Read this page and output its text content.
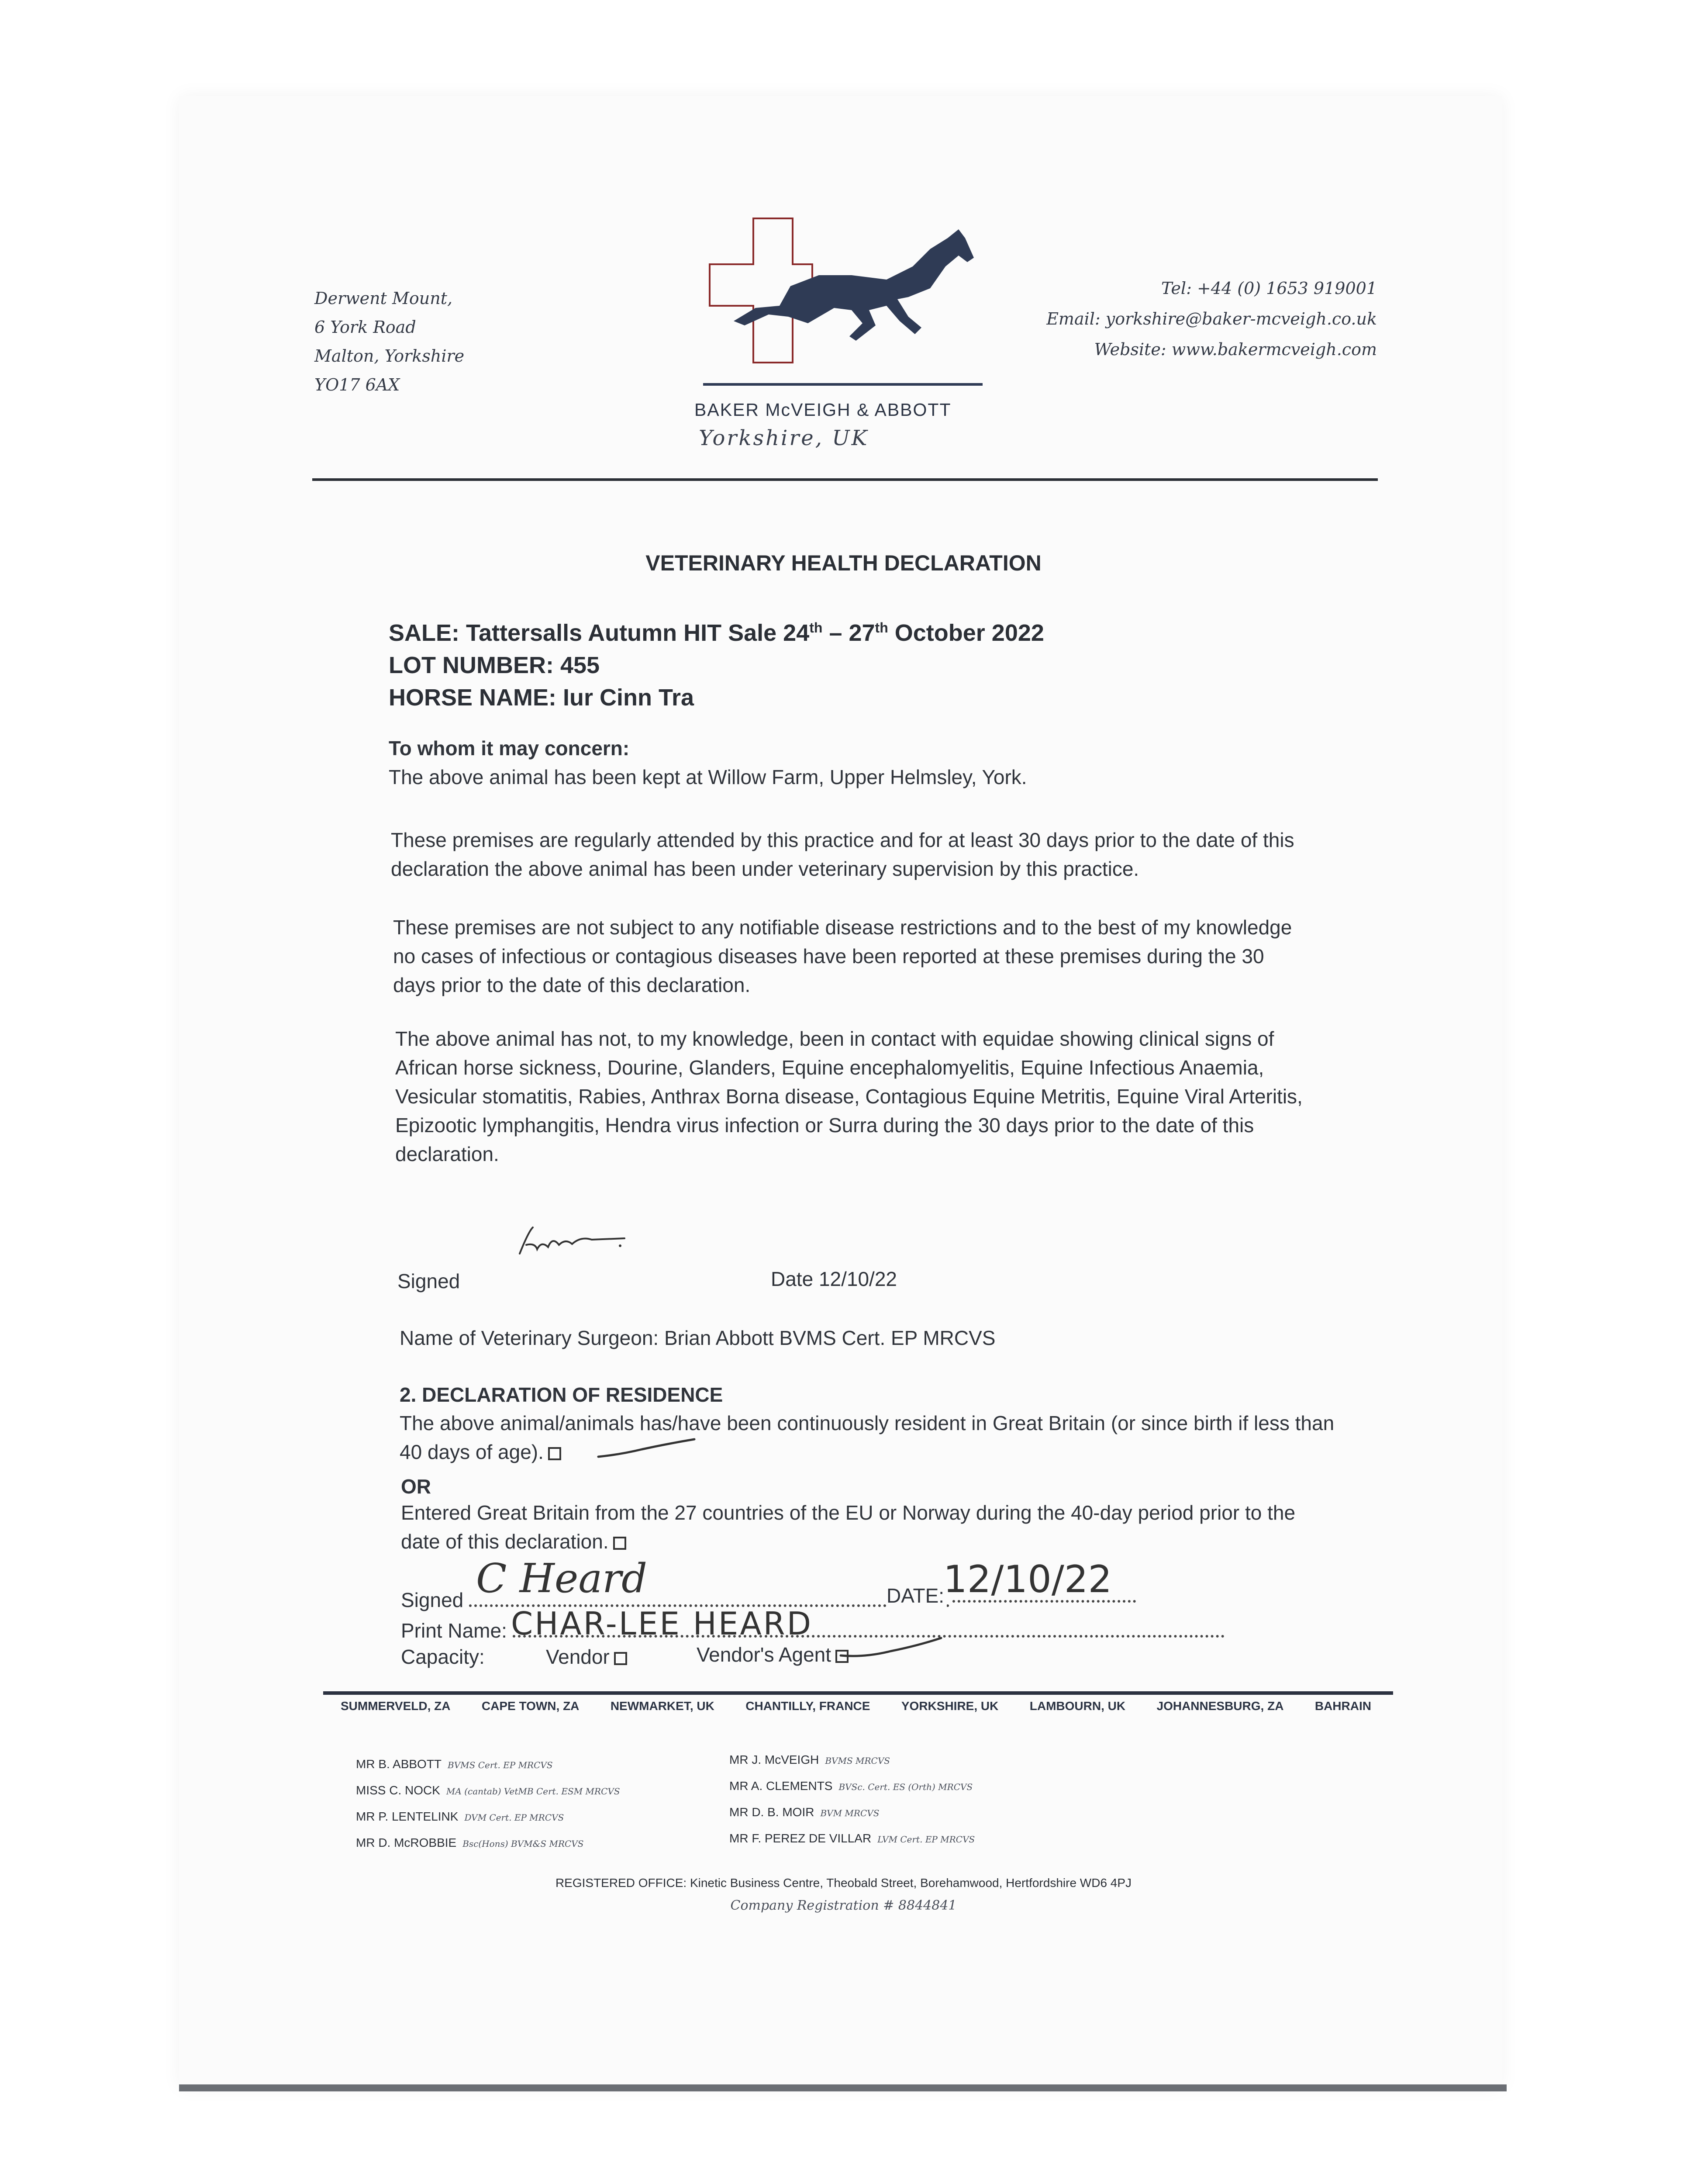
Derwent Mount,
6 York Road
Malton, Yorkshire
YO17 6AX
BAKER McVEIGH & ABBOTT
Yorkshire, UK
Tel: +44 (0) 1653 919001
Email: yorkshire@baker-mcveigh.co.uk
Website: www.bakermcveigh.com
VETERINARY HEALTH DECLARATION
SALE: Tattersalls Autumn HIT Sale 24th – 27th October 2022
LOT NUMBER: 455
HORSE NAME: Iur Cinn Tra

To whom it may concern:

The above animal has been kept at Willow Farm, Upper Helmsley, York.

These premises are regularly attended by this practice and for at least 30 days prior to the date of this declaration the above animal has been under veterinary supervision by this practice.

These premises are not subject to any notifiable disease restrictions and to the best of my knowledge no cases of infectious or contagious diseases have been reported at these premises during the 30 days prior to the date of this declaration.

The above animal has not, to my knowledge, been in contact with equidae showing clinical signs of African horse sickness, Dourine, Glanders, Equine encephalomyelitis, Equine Infectious Anaemia, Vesicular stomatitis, Rabies, Anthrax Borna disease, Contagious Equine Metritis, Equine Viral Arteritis, Epizootic lymphangitis, Hendra virus infection or Surra during the 30 days prior to the date of this declaration.

Signed	Date 12/10/22
Name of Veterinary Surgeon: Brian Abbott BVMS Cert. EP MRCVS
2. DECLARATION OF RESIDENCE
The above animal/animals has/have been continuously resident in Great Britain (or since birth if less than 40 days of age).
OR
Entered Great Britain from the 27 countries of the EU or Norway during the 40-day period prior to the date of this declaration.
Signed	DATE:
C Heard	12/10/22
Print Name: CHAR-LEE HEARD
Capacity:	Vendor	Vendor's Agent
SUMMERVELD, ZA	CAPE TOWN, ZA	NEWMARKET, UK	CHANTILLY, FRANCE	YORKSHIRE, UK	LAMBOURN, UK	JOHANNESBURG, ZA	BAHRAIN
MR B. ABBOTT BVMS Cert. EP MRCVS
MISS C. NOCK MA (cantab) VetMB Cert. ESM MRCVS
MR P. LENTELINK DVM Cert. EP MRCVS
MR D. McROBBIE Bsc(Hons) BVM&S MRCVS
MR J. McVEIGH BVMS MRCVS
MR A. CLEMENTS BVSc. Cert. ES (Orth) MRCVS
MR D. B. MOIR BVM MRCVS
MR F. PEREZ DE VILLAR LVM Cert. EP MRCVS
REGISTERED OFFICE: Kinetic Business Centre, Theobald Street, Borehamwood, Hertfordshire WD6 4PJ
Company Registration # 8844841
